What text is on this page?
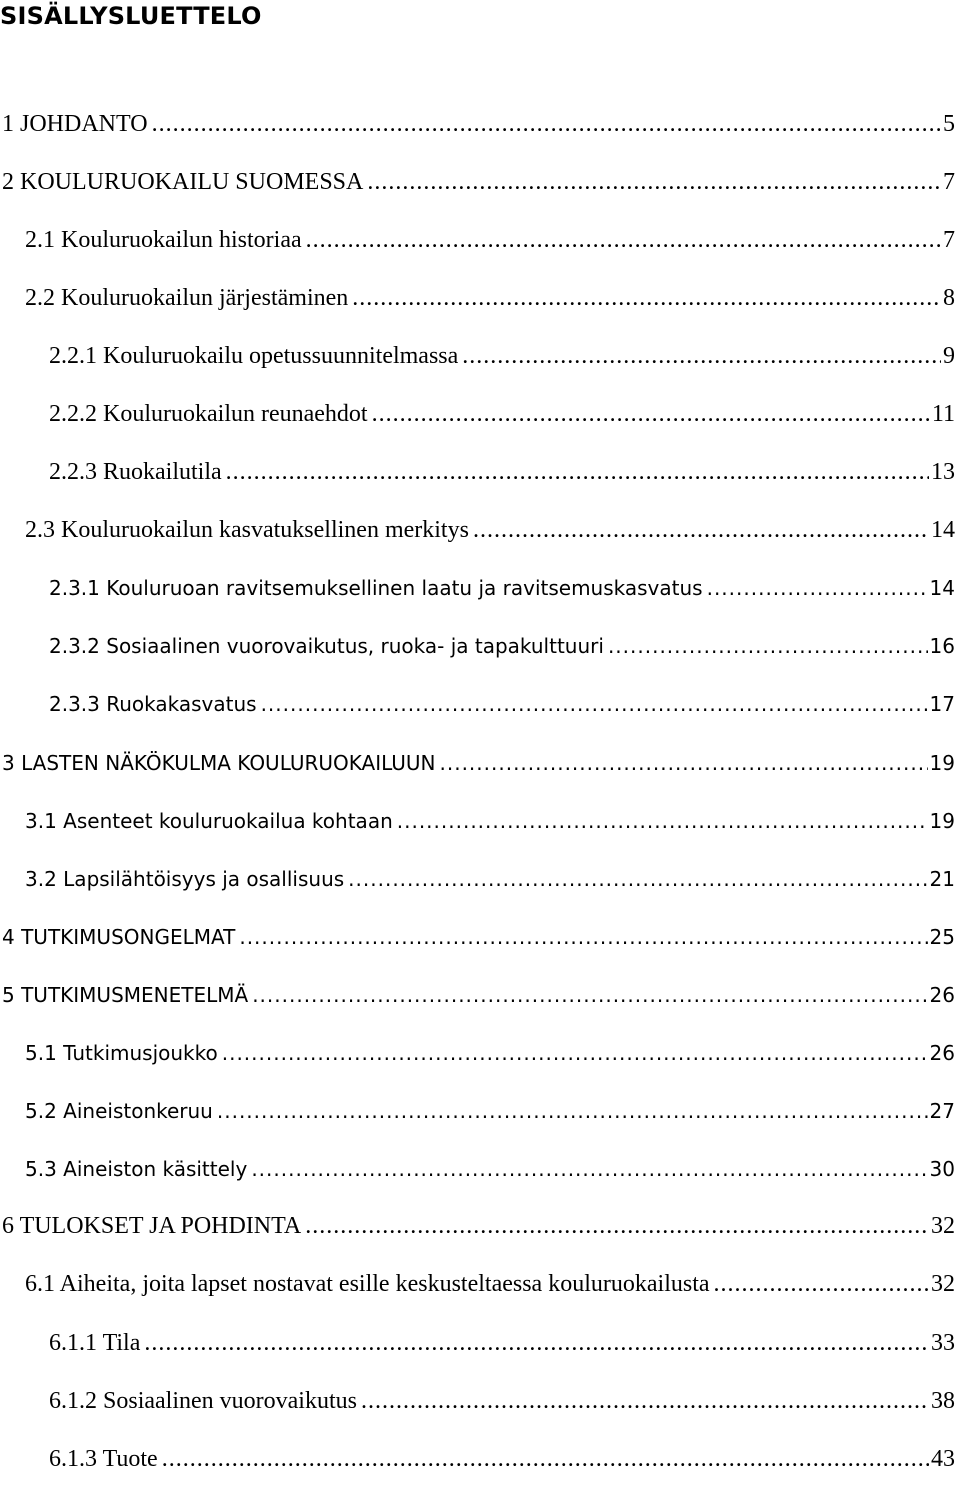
SISÄLLYSLUETTELO
1 JOHDANTO .....	5
2 KOULURUOKAILU SUOMESSA .....	7
2.1 Kouluruokailun historiaa .....	7
2.2 Kouluruokailun järjestäminen .....	8
2.2.1 Kouluruokailu opetussuunnitelmassa .....	9
2.2.2 Kouluruokailun reunaehdot .....	11
2.2.3 Ruokailutila .....	13
2.3 Kouluruokailun kasvatuksellinen merkitys .....	14
2.3.1 Kouluruoan ravitsemuksellinen laatu ja ravitsemuskasvatus .....	14
2.3.2 Sosiaalinen vuorovaikutus, ruoka- ja tapakulttuuri .....	16
2.3.3 Ruokakasvatus .....	17
3 LASTEN NÄKÖKULMA KOULURUOKAILUUN .....	19
3.1 Asenteet kouluruokailua kohtaan .....	19
3.2 Lapsilähtöisyys ja osallisuus .....	21
4 TUTKIMUSONGELMAT .....	25
5 TUTKIMUSMENETELMÄ .....	26
5.1 Tutkimusjoukko .....	26
5.2 Aineistonkeruu .....	27
5.3 Aineiston käsittely .....	30
6 TULOKSET JA POHDINTA .....	32
6.1 Aiheita, joita lapset nostavat esille keskusteltaessa kouluruokailusta .....	32
6.1.1 Tila .....	33
6.1.2 Sosiaalinen vuorovaikutus .....	38
6.1.3 Tuote .....	43
